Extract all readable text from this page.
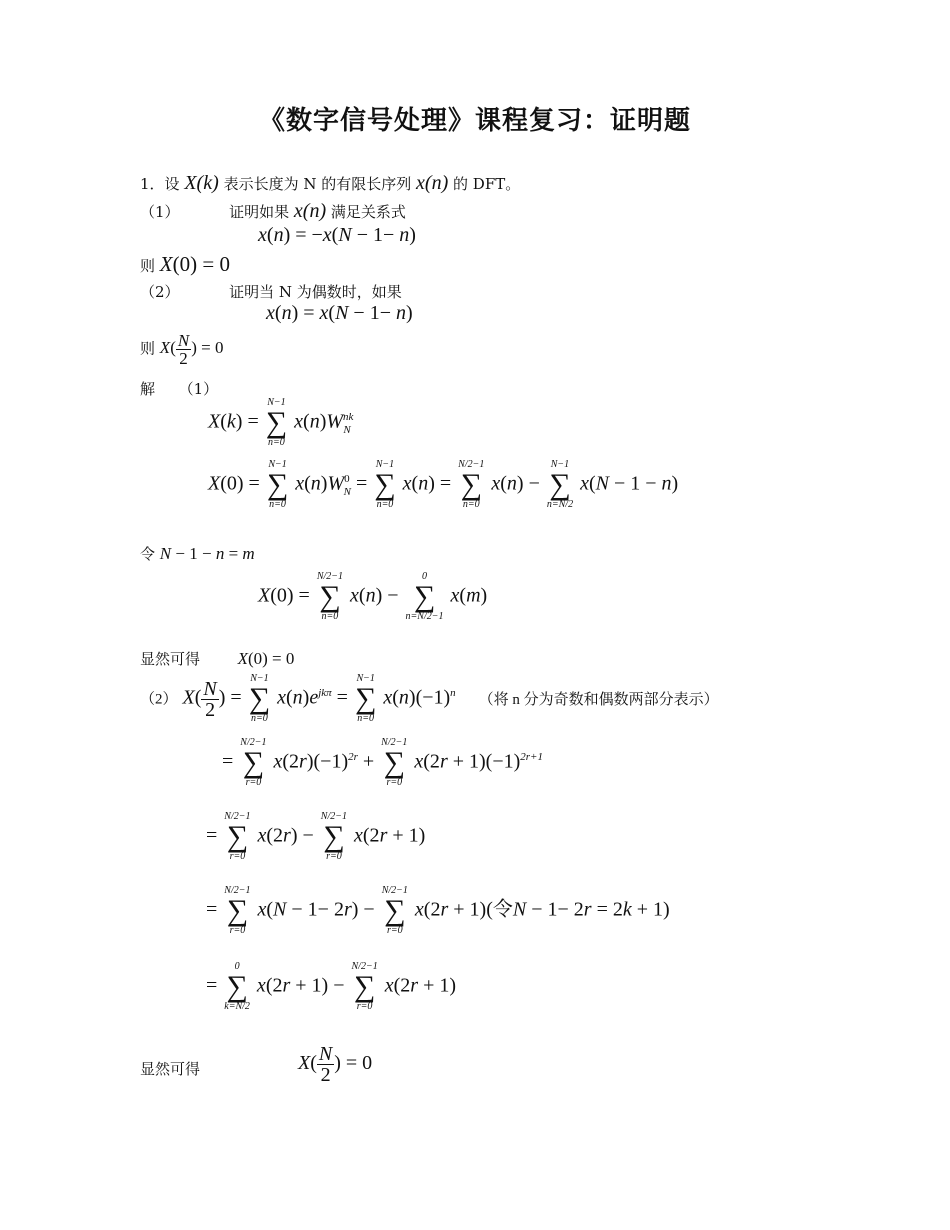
《数字信号处理》课程复习：证明题
1．设 X(k) 表示长度为 N 的有限长序列 x(n) 的 DFT。
（1）	证明如果 x(n) 满足关系式
x(n) = −x(N − 1− n)
则 X(0) = 0
（2）	证明当 N 为偶数时，如果
x(n) = x(N − 1− n)
则 $X( \frac{N}{2}$ ) = 0
解 （1）
X(k) =
N−1
∑
n=0
$x(n)W^{nk}_N$
X(0) =
N−1
∑
n=0
$x(n)W^0_N$ =
N−1
∑
n=0
x(n) =
N/2−1
∑
n=0
x(n) −
N−1
∑
n=N/2
x(N − 1 − n)
令 N − 1 − n = m
X(0) =
N/2−1
∑
n=0
x(n) −
0
∑
n=N/2−1
x(m)
显然可得 X(0) = 0
（2） $X( \frac{N}{2}$ ) =
N−1
∑
n=0
$x(n)e^{jk\pi}$ =
N−1
∑
n=0
$x(n)(-1)^n$ （将 n 分为奇数和偶数两部分表示）
=
N/2−1
∑
r=0
$x(2r)(-1)^{2r}$ +
N/2−1
∑
r=0
$x(2r + 1)(-1)^{2r+1}$
=
N/2−1
∑
r=0
x(2r) −
N/2−1
∑
r=0
x(2r + 1)
=
N/2−1
∑
r=0
x(N − 1− 2r) −
N/2−1
∑
r=0
x(2r + 1)(令N − 1− 2r = 2k + 1)
=
0
∑
k=N/2
x(2r + 1) −
N/2−1
∑
r=0
x(2r + 1)
显然可得	$X( \frac{N}{2}$ ) = 0
